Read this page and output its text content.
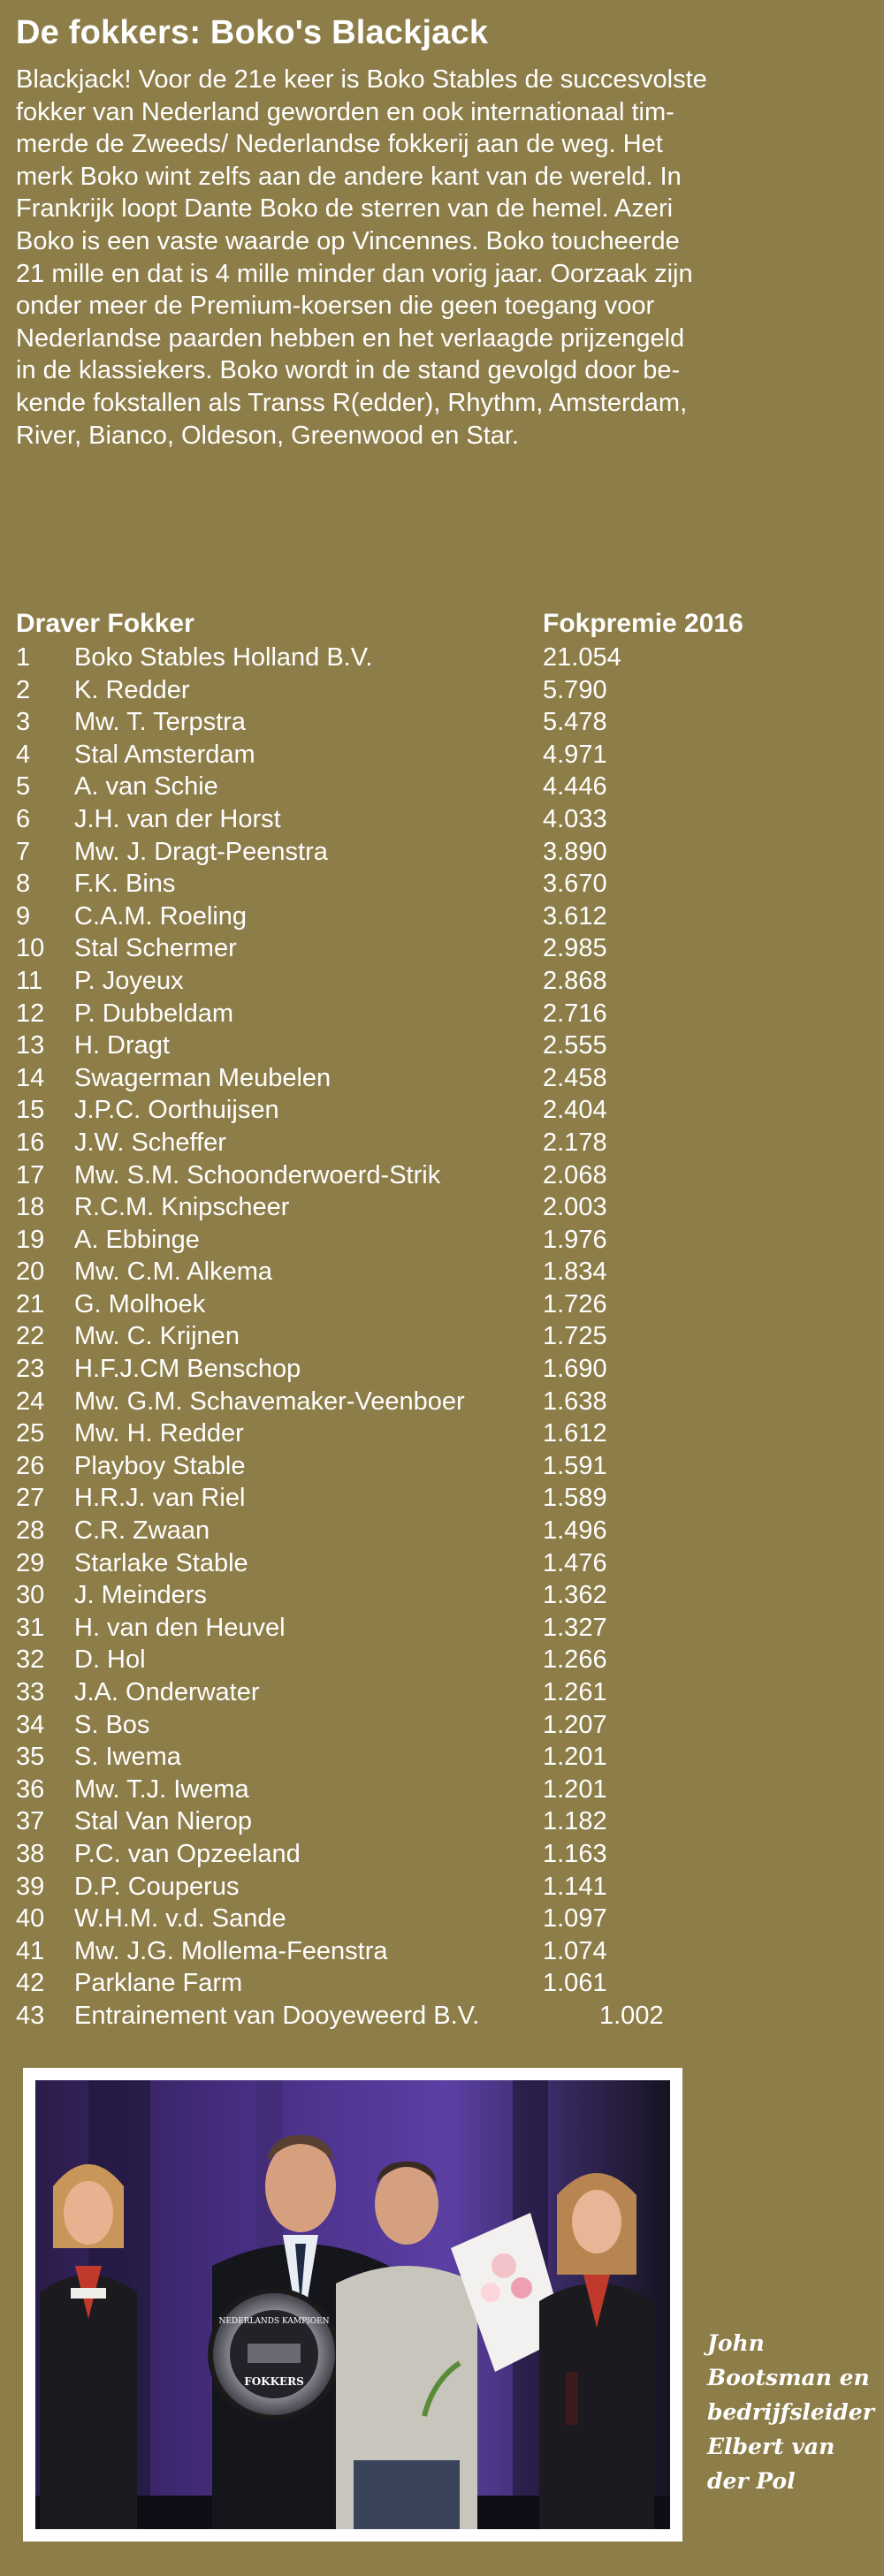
De fokkers: Boko's Blackjack
Blackjack! Voor de 21e keer is Boko Stables de succesvolste
fokker van Nederland geworden en ook internationaal tim-
merde de Zweeds/ Nederlandse fokkerij aan de weg. Het
merk Boko wint zelfs aan de andere kant van de wereld. In
Frankrijk loopt Dante Boko de sterren van de hemel. Azeri
Boko is een vaste waarde op Vincennes. Boko toucheerde
21 mille en dat is 4 mille minder dan vorig jaar. Oorzaak zijn
onder meer de Premium-koersen die geen toegang voor
Nederlandse paarden hebben en het verlaagde prijzengeld
in de klassiekers. Boko wordt in de stand gevolgd door be-
kende fokstallen als Transs R(edder), Rhythm, Amsterdam,
River, Bianco, Oldeson, Greenwood en Star.
Draver Fokker	Fokpremie 2016
1 Boko Stables Holland B.V.	21.054
2 K. Redder	5.790
3 Mw. T. Terpstra	5.478
4 Stal Amsterdam	4.971
5 A. van Schie	4.446
6 J.H. van der Horst	4.033
7 Mw. J. Dragt-Peenstra	3.890
8 F.K. Bins	3.670
9 C.A.M. Roeling	3.612
10 Stal Schermer	2.985
11 P. Joyeux	2.868
12 P. Dubbeldam	2.716
13 H. Dragt	2.555
14 Swagerman Meubelen	2.458
15 J.P.C. Oorthuijsen	2.404
16 J.W. Scheffer	2.178
17 Mw. S.M. Schoonderwoerd-Strik	2.068
18 R.C.M. Knipscheer	2.003
19 A. Ebbinge	1.976
20 Mw. C.M. Alkema	1.834
21 G. Molhoek	1.726
22 Mw. C. Krijnen	1.725
23 H.F.J.CM Benschop	1.690
24 Mw. G.M. Schavemaker-Veenboer	1.638
25 Mw. H. Redder	1.612
26 Playboy Stable	1.591
27 H.R.J. van Riel	1.589
28 C.R. Zwaan	1.496
29 Starlake Stable	1.476
30 J. Meinders	1.362
31 H. van den Heuvel	1.327
32 D. Hol	1.266
33 J.A. Onderwater	1.261
34 S. Bos	1.207
35 S. Iwema	1.201
36 Mw. T.J. Iwema	1.201
37 Stal Van Nierop	1.182
38 P.C. van Opzeeland	1.163
39 D.P. Couperus	1.141
40 W.H.M. v.d. Sande	1.097
41 Mw. J.G. Mollema-Feenstra	1.074
42 Parklane Farm	1.061
43 Entrainement van Dooyeweerd B.V.	1.002
NEDERLANDS KAMPIOEN
FOKKERS
John
Bootsman en
bedrijfsleider
Elbert van
der Pol
